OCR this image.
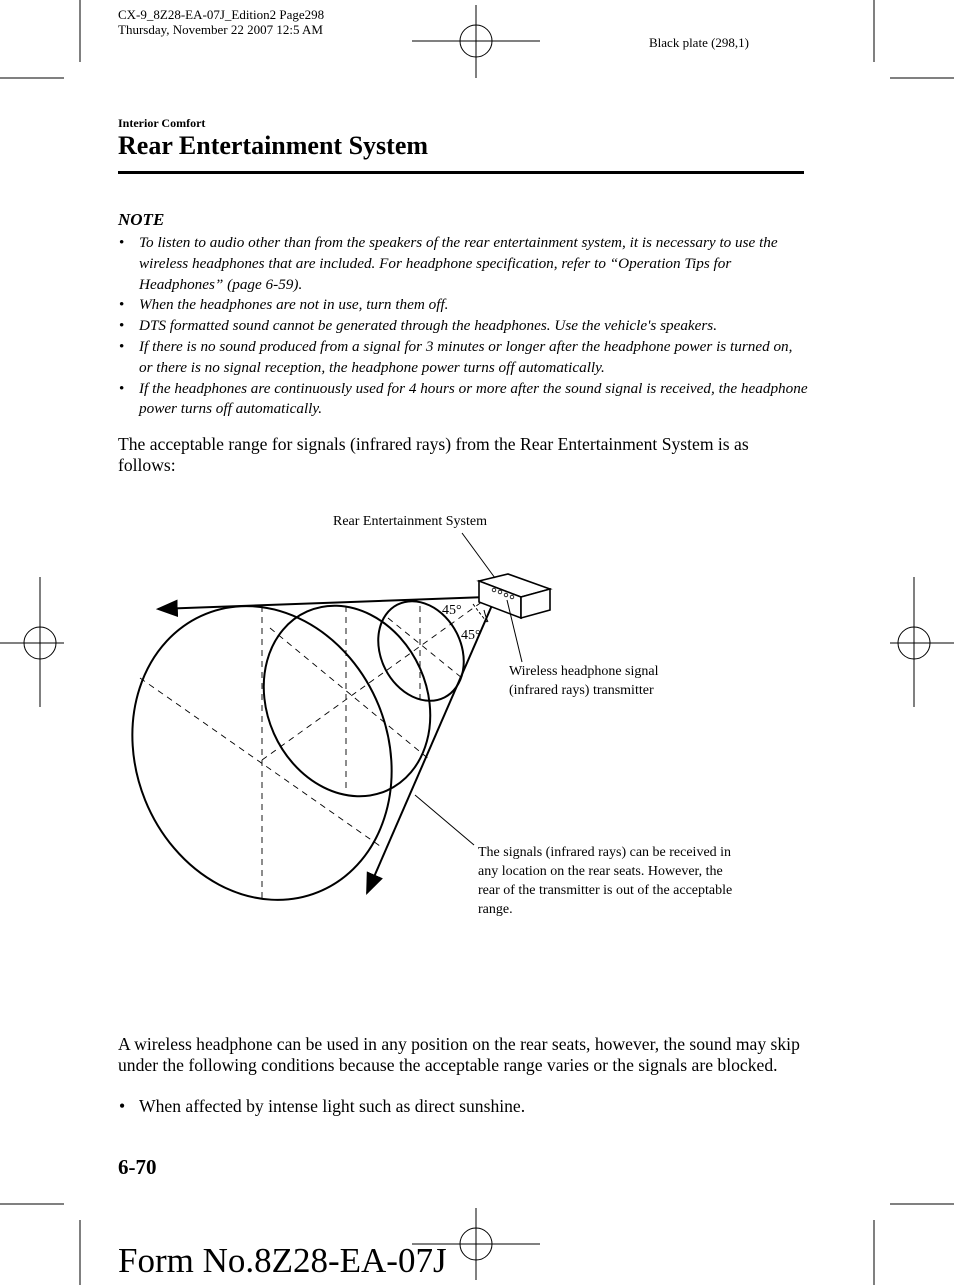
CX-9_8Z28-EA-07J_Edition2 Page298
Thursday, November 22 2007 12:5 AM
Black plate (298,1)
Interior Comfort
Rear Entertainment System
NOTE
• To listen to audio other than from the speakers of the rear entertainment system, it is necessary to use the wireless headphones that are included. For headphone specification, refer to “Operation Tips for Headphones” (page 6-59).
• When the headphones are not in use, turn them off.
• DTS formatted sound cannot be generated through the headphones. Use the vehicle's speakers.
• If there is no sound produced from a signal for 3 minutes or longer after the headphone power is turned on, or there is no signal reception, the headphone power turns off automatically.
• If the headphones are continuously used for 4 hours or more after the sound signal is received, the headphone power turns off automatically.
The acceptable range for signals (infrared rays) from the Rear Entertainment System is as follows:
Rear Entertainment System
45°
45°
Wireless headphone signal
(infrared rays) transmitter
The signals (infrared rays) can be received in
any location on the rear seats. However, the
rear of the transmitter is out of the acceptable
range.
A wireless headphone can be used in any position on the rear seats, however, the sound may skip under the following conditions because the acceptable range varies or the signals are blocked.
• When affected by intense light such as direct sunshine.
6-70
Form No.8Z28-EA-07J
